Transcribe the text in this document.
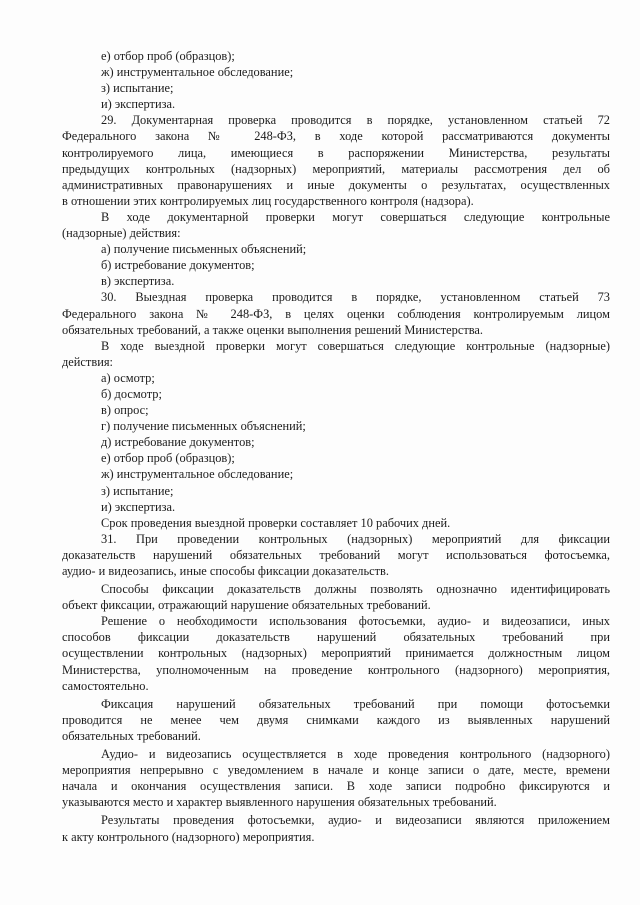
е) отбор проб (образцов);
ж) инструментальное обследование;
з) испытание;
и) экспертиза.
29. Документарная проверка проводится в порядке, установленном статьей 72
Федерального закона № 248-ФЗ, в ходе которой рассматриваются документы
контролируемого лица, имеющиеся в распоряжении Министерства, результаты
предыдущих контрольных (надзорных) мероприятий, материалы рассмотрения дел об
административных правонарушениях и иные документы о результатах, осуществленных
в отношении этих контролируемых лиц государственного контроля (надзора).
В ходе документарной проверки могут совершаться следующие контрольные
(надзорные) действия:
а) получение письменных объяснений;
б) истребование документов;
в) экспертиза.
30. Выездная проверка проводится в порядке, установленном статьей 73
Федерального закона № 248-ФЗ, в целях оценки соблюдения контролируемым лицом
обязательных требований, а также оценки выполнения решений Министерства.
В ходе выездной проверки могут совершаться следующие контрольные (надзорные)
действия:
а) осмотр;
б) досмотр;
в) опрос;
г) получение письменных объяснений;
д) истребование документов;
е) отбор проб (образцов);
ж) инструментальное обследование;
з) испытание;
и) экспертиза.
Срок проведения выездной проверки составляет 10 рабочих дней.
31. При проведении контрольных (надзорных) мероприятий для фиксации
доказательств нарушений обязательных требований могут использоваться фотосъемка,
аудио- и видеозапись, иные способы фиксации доказательств.
Способы фиксации доказательств должны позволять однозначно идентифицировать
объект фиксации, отражающий нарушение обязательных требований.
Решение о необходимости использования фотосъемки, аудио- и видеозаписи, иных
способов фиксации доказательств нарушений обязательных требований при
осуществлении контрольных (надзорных) мероприятий принимается должностным лицом
Министерства, уполномоченным на проведение контрольного (надзорного) мероприятия,
самостоятельно.
Фиксация нарушений обязательных требований при помощи фотосъемки
проводится не менее чем двумя снимками каждого из выявленных нарушений
обязательных требований.
Аудио- и видеозапись осуществляется в ходе проведения контрольного (надзорного)
мероприятия непрерывно с уведомлением в начале и конце записи о дате, месте, времени
начала и окончания осуществления записи. В ходе записи подробно фиксируются и
указываются место и характер выявленного нарушения обязательных требований.
Результаты проведения фотосъемки, аудио- и видеозаписи являются приложением
к акту контрольного (надзорного) мероприятия.
